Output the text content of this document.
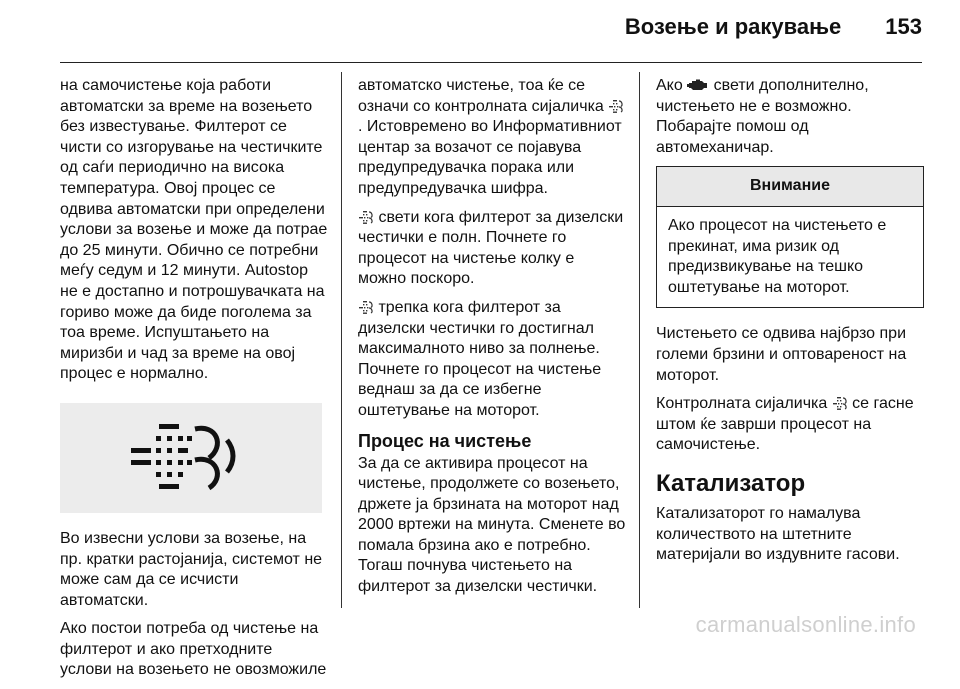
Возење и ракување 153

на самочистење која работи автоматски за време на возењето без известување. Филтерот се чисти со изгорување на честичките од саѓи периодично на висока температура. Овој процес се одвива автоматски при определени услови за возење и може да потрае до 25 минути. Обично се потребни меѓу седум и 12 минути. Autostop не е достапно и потрошувачката на гориво може да биде поголема за тоа време. Испуштањето на миризби и чад за време на овој процес е нормално.

Во извесни услови за возење, на пр. кратки растојанија, системот не може сам да се исчисти автоматски.

Ако постои потреба од чистење на филтерот и ако претходните услови на возењето не овозможиле

автоматско чистење, тоа ќе се означи со контролната сијаличка . Истовремено во Информативниот центар за возачот се појавува предупредувачка порака или предупредувачка шифра.

свети кога филтерот за дизелски честички е полн. Почнете го процесот на чистење колку е можно поскоро.

трепка кога филтерот за дизелски честички го достигнал максималното ниво за полнење. Почнете го процесот на чистење веднаш за да се избегне оштетување на моторот.

Процес на чистење

За да се активира процесот на чистење, продолжете со возењето, држете ја брзината на моторот над 2000 вртежи на минута. Сменете во помала брзина ако е потребно. Тогаш почнува чистењето на филтерот за дизелски честички.

Ако  свети дополнително, чистењето не е возможно. Побарајте помош од автомеханичар.

Внимание
Ако процесот на чистењето е прекинат, има ризик од предизвикување на тешко оштетување на моторот.

Чистењето се одвива најбрзо при големи брзини и оптовареност на моторот.

Контролната сијаличка  се гасне штом ќе заврши процесот на самочистење.

Катализатор

Катализаторот го намалува количеството на штетните материјали во издувните гасови.

carmanualsonline.info
